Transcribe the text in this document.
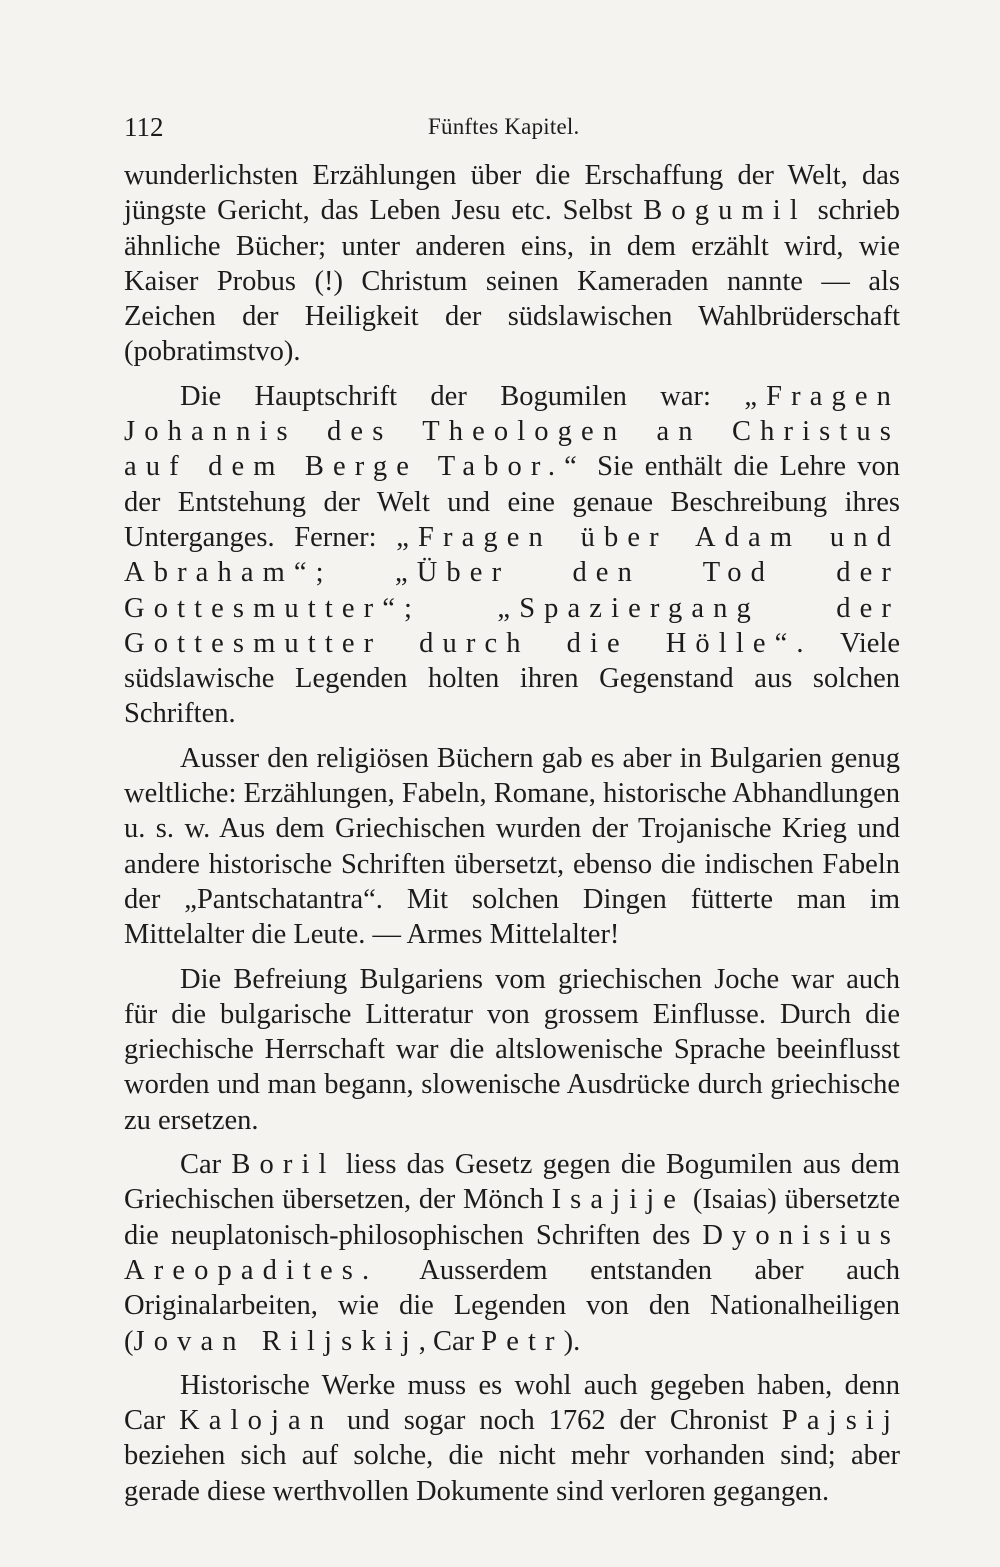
112	Fünftes Kapitel.

wunderlichsten Erzählungen über die Erschaffung der Welt, das jüngste Gericht, das Leben Jesu etc. Selbst Bogumil schrieb ähnliche Bücher; unter anderen eins, in dem erzählt wird, wie Kaiser Probus (!) Christum seinen Kameraden nannte — als Zeichen der Heiligkeit der südslawischen Wahlbrüderschaft (pobratimstvo).

Die Hauptschrift der Bogumilen war: „Fragen Johannis des Theologen an Christus auf dem Berge Tabor.“ Sie enthält die Lehre von der Entstehung der Welt und eine genaue Beschreibung ihres Unterganges. Ferner: „Fragen über Adam und Abraham“; „Über den Tod der Gottesmutter“; „Spaziergang der Gottesmutter durch die Hölle“. Viele südslawische Legenden holten ihren Gegenstand aus solchen Schriften.

Ausser den religiösen Büchern gab es aber in Bulgarien genug weltliche: Erzählungen, Fabeln, Romane, historische Abhandlungen u. s. w. Aus dem Griechischen wurden der Trojanische Krieg und andere historische Schriften übersetzt, ebenso die indischen Fabeln der „Pantschatantra“. Mit solchen Dingen fütterte man im Mittelalter die Leute. — Armes Mittelalter!

Die Befreiung Bulgariens vom griechischen Joche war auch für die bulgarische Litteratur von grossem Einflusse. Durch die griechische Herrschaft war die altslowenische Sprache beeinflusst worden und man begann, slowenische Ausdrücke durch griechische zu ersetzen.

Car Boril liess das Gesetz gegen die Bogumilen aus dem Griechischen übersetzen, der Mönch Isajije (Isaias) übersetzte die neuplatonisch-philosophischen Schriften des Dyonisius Areopadites. Ausserdem entstanden aber auch Originalarbeiten, wie die Legenden von den Nationalheiligen (Jovan Riljskij, Car Petr).

Historische Werke muss es wohl auch gegeben haben, denn Car Kalojan und sogar noch 1762 der Chronist Pajsij beziehen sich auf solche, die nicht mehr vorhanden sind; aber gerade diese werthvollen Dokumente sind verloren gegangen.
